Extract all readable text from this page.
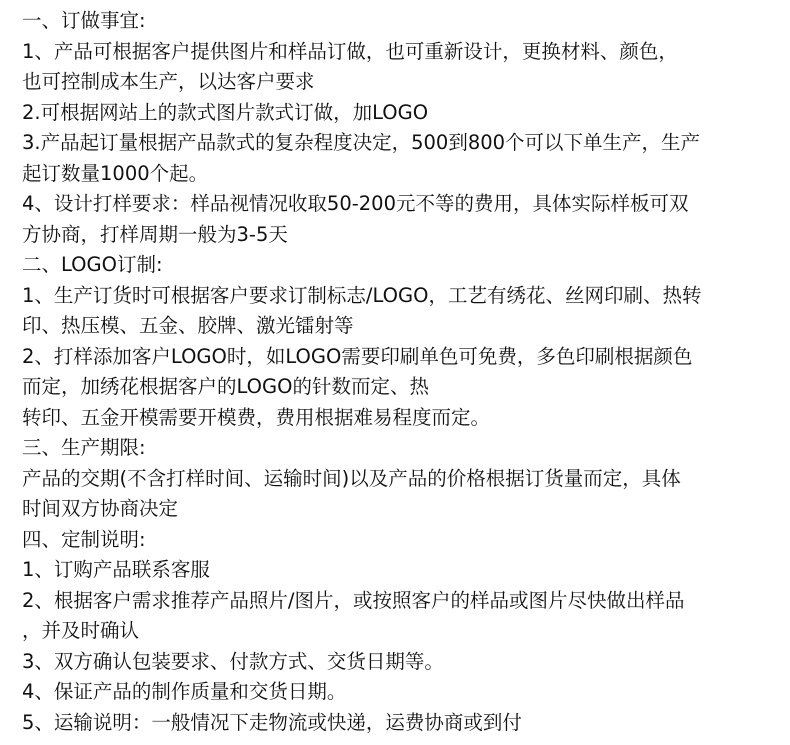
一、订做事宜:
1、产品可根据客户提供图片和样品订做，也可重新设计，更换材料、颜色，
也可控制成本生产，以达客户要求
2.可根据网站上的款式图片款式订做，加LOGO
3.产品起订量根据产品款式的复杂程度决定，500到800个可以下单生产，生产
起订数量1000个起。
4、设计打样要求：样品视情况收取50-200元不等的费用，具体实际样板可双
方协商，打样周期一般为3-5天
二、LOGO订制:
1、生产订货时可根据客户要求订制标志/LOGO，工艺有绣花、丝网印刷、热转
印、热压模、五金、胶牌、激光镭射等
2、打样添加客户LOGO时，如LOGO需要印刷单色可免费，多色印刷根据颜色
而定，加绣花根据客户的LOGO的针数而定、热
转印、五金开模需要开模费，费用根据难易程度而定。
三、生产期限:
产品的交期(不含打样时间、运输时间)以及产品的价格根据订货量而定，具体
时间双方协商决定
四、定制说明:
1、订购产品联系客服
2、根据客户需求推荐产品照片/图片，或按照客户的样品或图片尽快做出样品
，并及时确认
3、双方确认包装要求、付款方式、交货日期等。
4、保证产品的制作质量和交货日期。
5、运输说明：一般情况下走物流或快递，运费协商或到付
